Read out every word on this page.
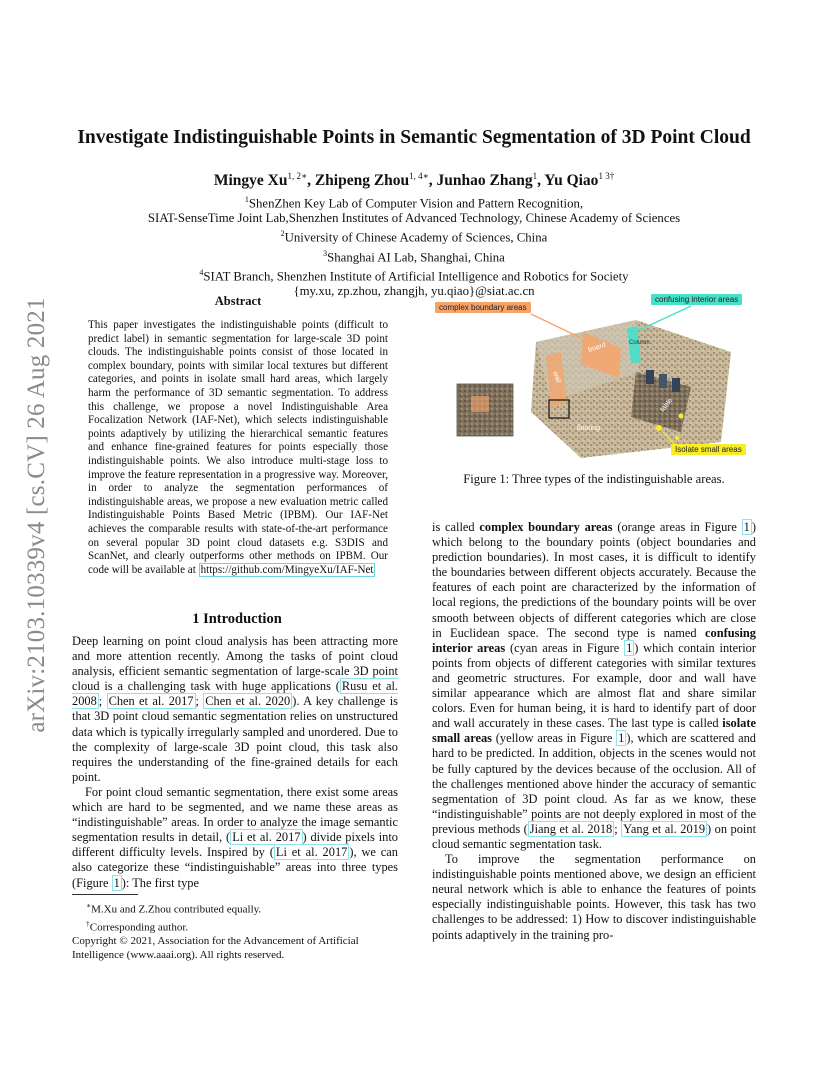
arXiv:2103.10339v4 [cs.CV] 26 Aug 2021
Investigate Indistinguishable Points in Semantic Segmentation of 3D Point Cloud
Mingye $Xu^{1, 2∗}$, Zhipeng Zhou$^{1, 4∗}$, Junhao Zhang$^1$, Yu Qiao$^{1 3\dagger}$
$^1$ShenZhen Key Lab of Computer Vision and Pattern Recognition,
SIAT-SenseTime Joint Lab,Shenzhen Institutes of Advanced Technology, Chinese Academy of Sciences
$^2$University of Chinese Academy of Sciences, China
$^3$Shanghai AI Lab, Shanghai, China
$^4$SIAT Branch, Shenzhen Institute of Artificial Intelligence and Robotics for Society
{my.xu, zp.zhou, zhangjh, yu.qiao}@siat.ac.cn
Abstract
This paper investigates the indistinguishable points (difficult to predict label) in semantic segmentation for large-scale 3D point clouds. The indistinguishable points consist of those located in complex boundary, points with similar local textures but different categories, and points in isolate small hard areas, which largely harm the performance of 3D semantic segmentation. To address this challenge, we propose a novel Indistinguishable Area Focalization Network (IAF-Net), which selects indistinguishable points adaptively by utilizing the hierarchical semantic features and enhance fine-grained features for points especially those indistinguishable points. We also introduce multi-stage loss to improve the feature representation in a progressive way. Moreover, in order to analyze the segmentation performances of indistinguishable areas, we propose a new evaluation metric called Indistinguishable Points Based Metric (IPBM). Our IAF-Net achieves the comparable results with state-of-the-art performance on several popular 3D point cloud datasets e.g. S3DIS and ScanNet, and clearly outperforms other methods on IPBM. Our code will be available at https://github.com/MingyeXu/IAF-Net
1 Introduction

Deep learning on point cloud analysis has been attracting more and more attention recently. Among the tasks of point cloud analysis, efficient semantic segmentation of large-scale 3D point cloud is a challenging task with huge applications ( Rusu et al. 2008 ; Chen et al. 2017 ; Chen et al. 2020 ). A key challenge is that 3D point cloud semantic segmentation relies on unstructured data which is typically irregularly sampled and unordered. Due to the complexity of large-scale 3D point cloud, this task also requires the understanding of the fine-grained details for each point.

For point cloud semantic segmentation, there exist some areas which are hard to be segmented, and we name these areas as “indistinguishable” areas. In order to analyze the image semantic segmentation results in detail, ( Li et al. 2017 ) divide pixels into different difficulty levels. Inspired by ( Li et al. 2017 ), we can also categorize these “indistinguishable” areas into three types (Figure 1 ): The first type

∗M.Xu and Z.Zhou contributed equally.
†Corresponding author.
Copyright © 2021, Association for the Advancement of Artificial Intelligence (www.aaai.org). All rights reserved.
board	Column
wall
flooring
table
complex boundary areas
confusing interior areas
Isolate small areas
Figure 1: Three types of the indistinguishable areas.

is called complex boundary areas (orange areas in Figure 1 ) which belong to the boundary points (object boundaries and prediction boundaries). In most cases, it is difficult to identify the boundaries between different objects accurately. Because the features of each point are characterized by the information of local regions, the predictions of the boundary points will be over smooth between objects of different categories which are close in Euclidean space. The second type is named confusing interior areas (cyan areas in Figure 1 ) which contain interior points from objects of different categories with similar textures and geometric structures. For example, door and wall have similar appearance which are almost flat and share similar colors. Even for human being, it is hard to identify part of door and wall accurately in these cases. The last type is called isolate small areas (yellow areas in Figure 1 ), which are scattered and hard to be predicted. In addition, objects in the scenes would not be fully captured by the devices because of the occlusion. All of the challenges mentioned above hinder the accuracy of semantic segmentation of 3D point cloud. As far as we know, these “indistinguishable” points are not deeply explored in most of the previous methods ( Jiang et al. 2018 ; Yang et al. 2019 ) on point cloud semantic segmentation task.

To improve the segmentation performance on indistinguishable points mentioned above, we design an efficient neural network which is able to enhance the features of points especially indistinguishable points. However, this task has two challenges to be addressed: 1) How to discover indistinguishable points adaptively in the training pro-
